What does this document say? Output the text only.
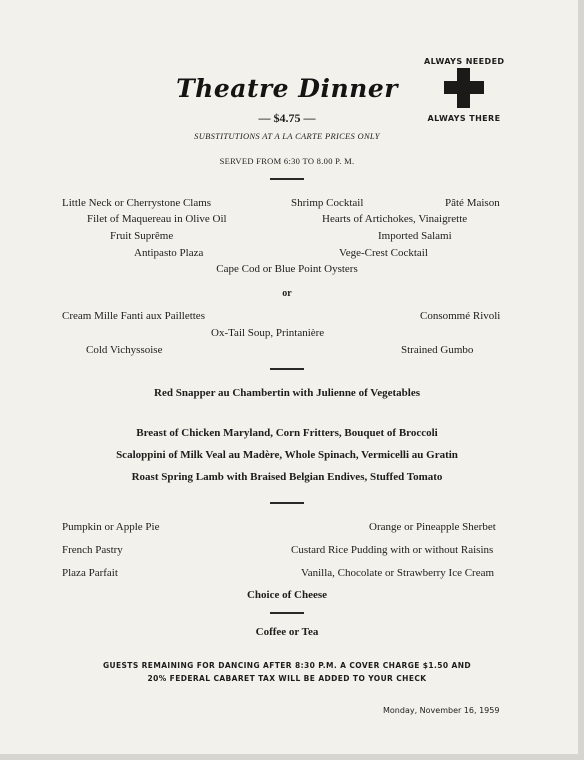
ALWAYS NEEDED
ALWAYS THERE
Theatre Dinner
— $4.75 —
SUBSTITUTIONS AT A LA CARTE PRICES ONLY
SERVED FROM 6:30 TO 8.00 P. M.
Little Neck or Cherrystone Clams	Shrimp Cocktail	Pâté Maison
Filet of Maquereau in Olive Oil	Hearts of Artichokes, Vinaigrette
Fruit Suprême	Imported Salami
Antipasto Plaza	Vege-Crest Cocktail
Cape Cod or Blue Point Oysters
or
Cream Mille Fanti aux Paillettes	Consommé Rivoli
Ox-Tail Soup, Printanière
Cold Vichyssoise	Strained Gumbo
Red Snapper au Chambertin with Julienne of Vegetables
Breast of Chicken Maryland, Corn Fritters, Bouquet of Broccoli
Scaloppini of Milk Veal au Madère, Whole Spinach, Vermicelli au Gratin
Roast Spring Lamb with Braised Belgian Endives, Stuffed Tomato
Pumpkin or Apple Pie	Orange or Pineapple Sherbet
French Pastry	Custard Rice Pudding with or without Raisins
Plaza Parfait	Vanilla, Chocolate or Strawberry Ice Cream
Choice of Cheese
Coffee or Tea
GUESTS REMAINING FOR DANCING AFTER 8:30 P.M. A COVER CHARGE $1.50 AND
20% FEDERAL CABARET TAX WILL BE ADDED TO YOUR CHECK
Monday, November 16, 1959
